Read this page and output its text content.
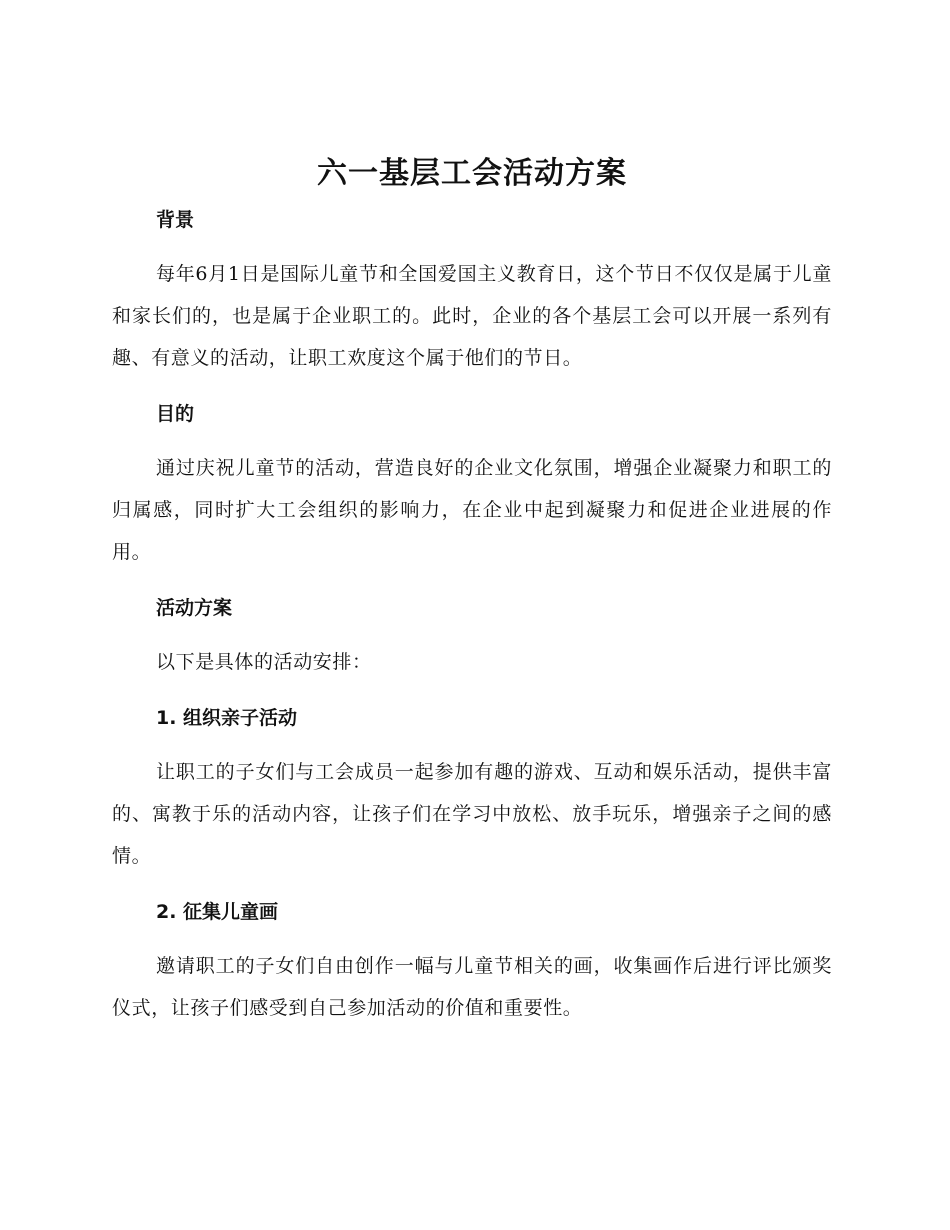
六一基层工会活动方案
背景

每年6月1日是国际儿童节和全国爱国主义教育日，这个节日不仅仅是属于儿童和家长们的，也是属于企业职工的。此时，企业的各个基层工会可以开展一系列有趣、有意义的活动，让职工欢度这个属于他们的节日。

目的

通过庆祝儿童节的活动，营造良好的企业文化氛围，增强企业凝聚力和职工的归属感，同时扩大工会组织的影响力，在企业中起到凝聚力和促进企业进展的作用。

活动方案

以下是具体的活动安排：

1. 组织亲子活动

让职工的子女们与工会成员一起参加有趣的游戏、互动和娱乐活动，提供丰富的、寓教于乐的活动内容，让孩子们在学习中放松、放手玩乐，增强亲子之间的感情。

2. 征集儿童画

邀请职工的子女们自由创作一幅与儿童节相关的画，收集画作后进行评比颁奖仪式，让孩子们感受到自己参加活动的价值和重要性。
